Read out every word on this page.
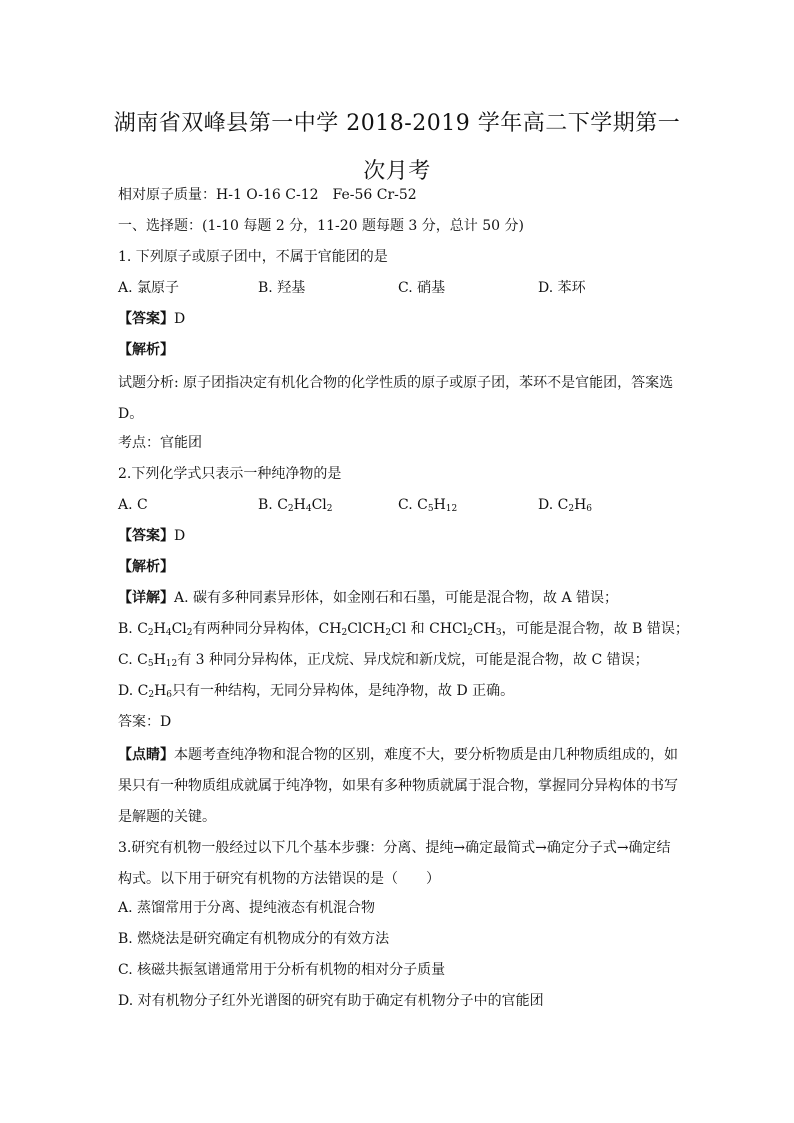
湖南省双峰县第一中学 2018-2019 学年高二下学期第一次月考
相对原子质量：H-1 O-16 C-12　Fe-56 Cr-52
一、选择题：(1-10 每题 2 分，11-20 题每题 3 分，总计 50 分)
1. 下列原子或原子团中，不属于官能团的是
A. 氯原子	B. 羟基	C. 硝基	D. 苯环
【答案】D
【解析】
试题分析: 原子团指决定有机化合物的化学性质的原子或原子团，苯环不是官能团，答案选 D。
考点：官能团
2.下列化学式只表示一种纯净物的是
A. C	B. $C_2H_4Cl_2$	C. $C_5H_{12}$	D. $C_2H_6$
【答案】D
【解析】
【详解】A. 碳有多种同素异形体，如金刚石和石墨，可能是混合物，故 A 错误；
B. $C_2H_4Cl_2$有两种同分异构体，$CH_2ClCH_2Cl$ 和 $CHCl_2CH_3$，可能是混合物，故 B 错误；
C. $C_5H_{12}$有 3 种同分异构体，正戊烷、异戊烷和新戊烷，可能是混合物，故 C 错误；
D. $C_2H_6$只有一种结构，无同分异构体，是纯净物，故 D 正确。
答案：D
【点睛】本题考查纯净物和混合物的区别，难度不大，要分析物质是由几种物质组成的，如果只有一种物质组成就属于纯净物，如果有多种物质就属于混合物，掌握同分异构体的书写是解题的关键。
3.研究有机物一般经过以下几个基本步骤：分离、提纯→确定最简式→确定分子式→确定结构式。以下用于研究有机物的方法错误的是（　　）
A. 蒸馏常用于分离、提纯液态有机混合物
B. 燃烧法是研究确定有机物成分的有效方法
C. 核磁共振氢谱通常用于分析有机物的相对分子质量
D. 对有机物分子红外光谱图的研究有助于确定有机物分子中的官能团
